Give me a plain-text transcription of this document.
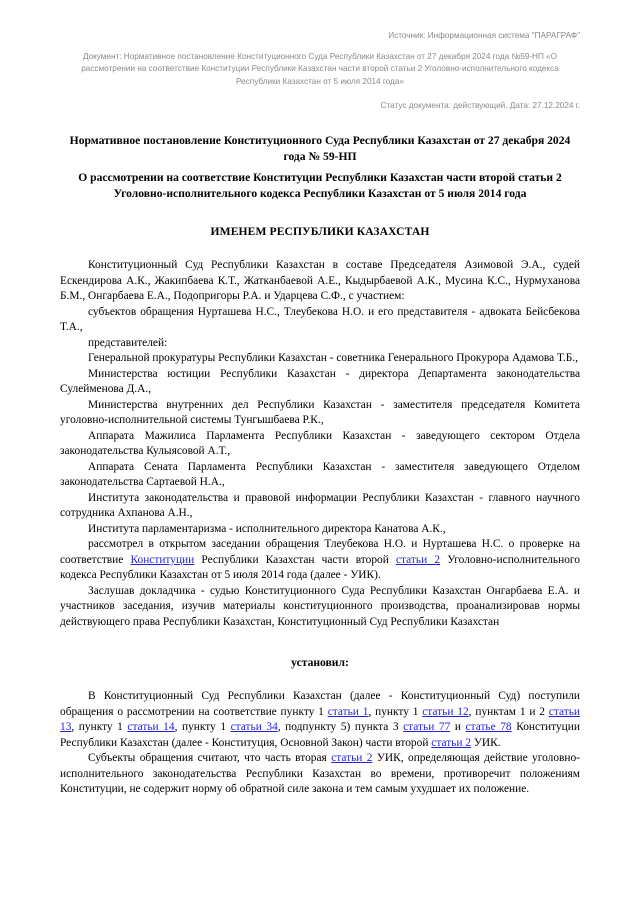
Источник: Информационная система "ПАРАГРАФ"

Документ: Нормативное постановление Конституционного Суда Республики Казахстан от 27 декабря 2024 года №59-НП «О рассмотрении на соответствие Конституции Республики Казахстан части второй статьи 2 Уголовно-исполнительного кодекса Республики Казахстан от 5 июля 2014 года»

Статус документа: действующий. Дата: 27.12.2024 г.

Нормативное постановление Конституционного Суда Республики Казахстан от 27 декабря 2024 года № 59-НП

О рассмотрении на соответствие Конституции Республики Казахстан части второй статьи 2 Уголовно-исполнительного кодекса Республики Казахстан от 5 июля 2014 года

ИМЕНЕМ РЕСПУБЛИКИ КАЗАХСТАН

Конституционный Суд Республики Казахстан в составе Председателя Азимовой Э.А., судей Ескендирова А.К., Жакипбаева К.Т., Жатканбаевой А.Е., Кыдырбаевой А.К., Мусина К.С., Нурмуханова Б.М., Онгарбаева Е.А., Подопригоры Р.А. и Ударцева С.Ф., с участием:

субъектов обращения Нурташева Н.С., Тлеубекова Н.О. и его представителя - адвоката Бейсбекова Т.А.,

представителей:

Генеральной прокуратуры Республики Казахстан - советника Генерального Прокурора Адамова Т.Б.,

Министерства юстиции Республики Казахстан - директора Департамента законодательства Сулейменова Д.А.,

Министерства внутренних дел Республики Казахстан - заместителя председателя Комитета уголовно-исполнительной системы Тунгышбаева Р.К.,

Аппарата Мажилиса Парламента Республики Казахстан - заведующего сектором Отдела законодательства Кулыясовой А.Т.,

Аппарата Сената Парламента Республики Казахстан - заместителя заведующего Отделом законодательства Сартаевой Н.А.,

Института законодательства и правовой информации Республики Казахстан - главного научного сотрудника Ахпанова А.Н.,

Института парламентаризма - исполнительного директора Канатова А.К.,

рассмотрел в открытом заседании обращения Тлеубекова Н.О. и Нурташева Н.С. о проверке на соответствие Конституции Республики Казахстан части второй статьи 2 Уголовно-исполнительного кодекса Республики Казахстан от 5 июля 2014 года (далее - УИК).

Заслушав докладчика - судью Конституционного Суда Республики Казахстан Онгарбаева Е.А. и участников заседания, изучив материалы конституционного производства, проанализировав нормы действующего права Республики Казахстан, Конституционный Суд Республики Казахстан

установил:

В Конституционный Суд Республики Казахстан (далее - Конституционный Суд) поступили обращения о рассмотрении на соответствие пункту 1 статьи 1, пункту 1 статьи 12, пунктам 1 и 2 статьи 13, пункту 1 статьи 14, пункту 1 статьи 34, подпункту 5) пункта 3 статьи 77 и статье 78 Конституции Республики Казахстан (далее - Конституция, Основной Закон) части второй статьи 2 УИК.

Субъекты обращения считают, что часть вторая статьи 2 УИК, определяющая действие уголовно-исполнительного законодательства Республики Казахстан во времени, противоречит положениям Конституции, не содержит норму об обратной силе закона и тем самым ухудшает их положение.
